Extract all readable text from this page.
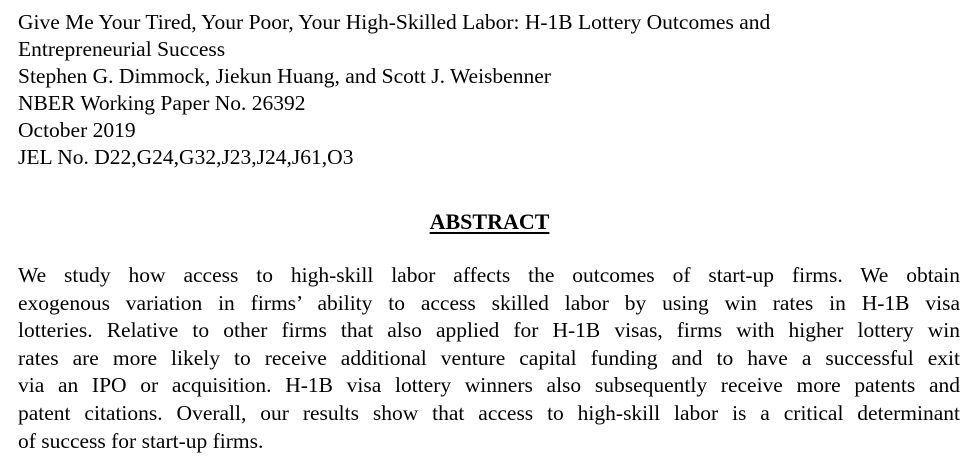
Give Me Your Tired, Your Poor, Your High-Skilled Labor: H-1B Lottery Outcomes and
Entrepreneurial Success
Stephen G. Dimmock, Jiekun Huang, and Scott J. Weisbenner
NBER Working Paper No. 26392
October 2019
JEL No. D22,G24,G32,J23,J24,J61,O3
ABSTRACT
We study how access to high-skill labor affects the outcomes of start-up firms. We obtain
exogenous variation in firms’ ability to access skilled labor by using win rates in H-1B visa
lotteries. Relative to other firms that also applied for H-1B visas, firms with higher lottery win
rates are more likely to receive additional venture capital funding and to have a successful exit
via an IPO or acquisition. H-1B visa lottery winners also subsequently receive more patents and
patent citations. Overall, our results show that access to high-skill labor is a critical determinant
of success for start-up firms.
